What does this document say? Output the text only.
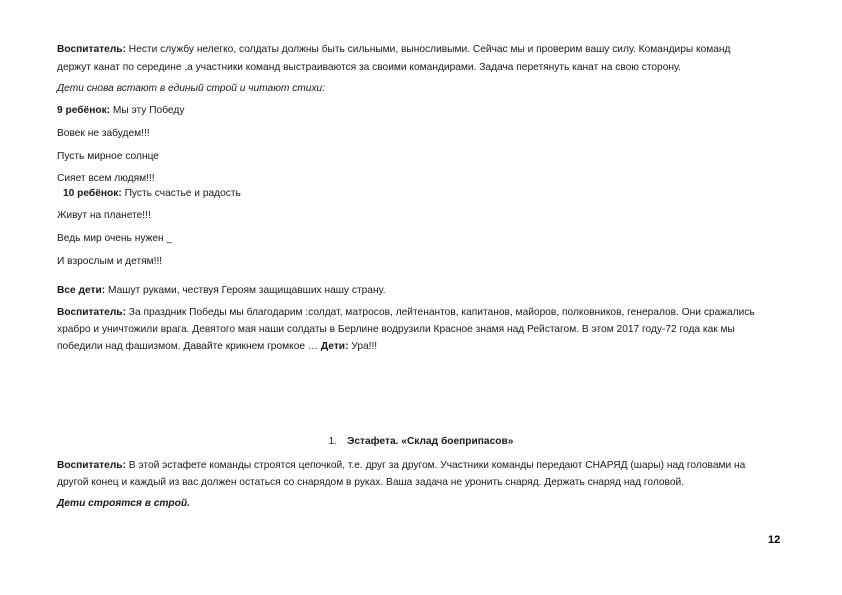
Воспитатель: Нести службу нелегко, солдаты должны быть сильными, выносливыми. Сейчас мы и проверим вашу силу. Командиры команд
держут канат по середине ,а участники команд выстраиваются за своими командирами. Задача перетянуть канат на свою сторону.
Дети снова встают в единый строй и читают стихи:
9 ребёнок: Мы эту Победу
Вовек не забудем!!!
Пусть мирное солнце
Сияет всем людям!!!
10 ребёнок: Пусть счастье и радость
Живут на планете!!!
Ведь мир очень нужен _
И взрослым и детям!!!
Все дети: Машут руками, чествуя Героям защищавших нашу страну.
Воспитатель: За праздник Победы мы благодарим :солдат, матросов, лейтенантов, капитанов, майоров, полковников, генералов. Они сражались
храбро и уничтожили врага. Девятого мая наши солдаты в Берлине водрузили Красное знамя над Рейстагом. В этом 2017 году-72 года как мы
победили над фашизмом. Давайте крикнем громкое … Дети: Ура!!!
1. Эстафета. «Склад боеприпасов»
Воспитатель: В этой эстафете команды строятся цепочкой, т.е. друг за другом. Участники команды передают СНАРЯД (шары) над головами на
другой конец и каждый из вас должен остаться со снарядом в руках. Ваша задача не уронить снаряд. Держать снаряд над головой.
Дети строятся в строй.
12
